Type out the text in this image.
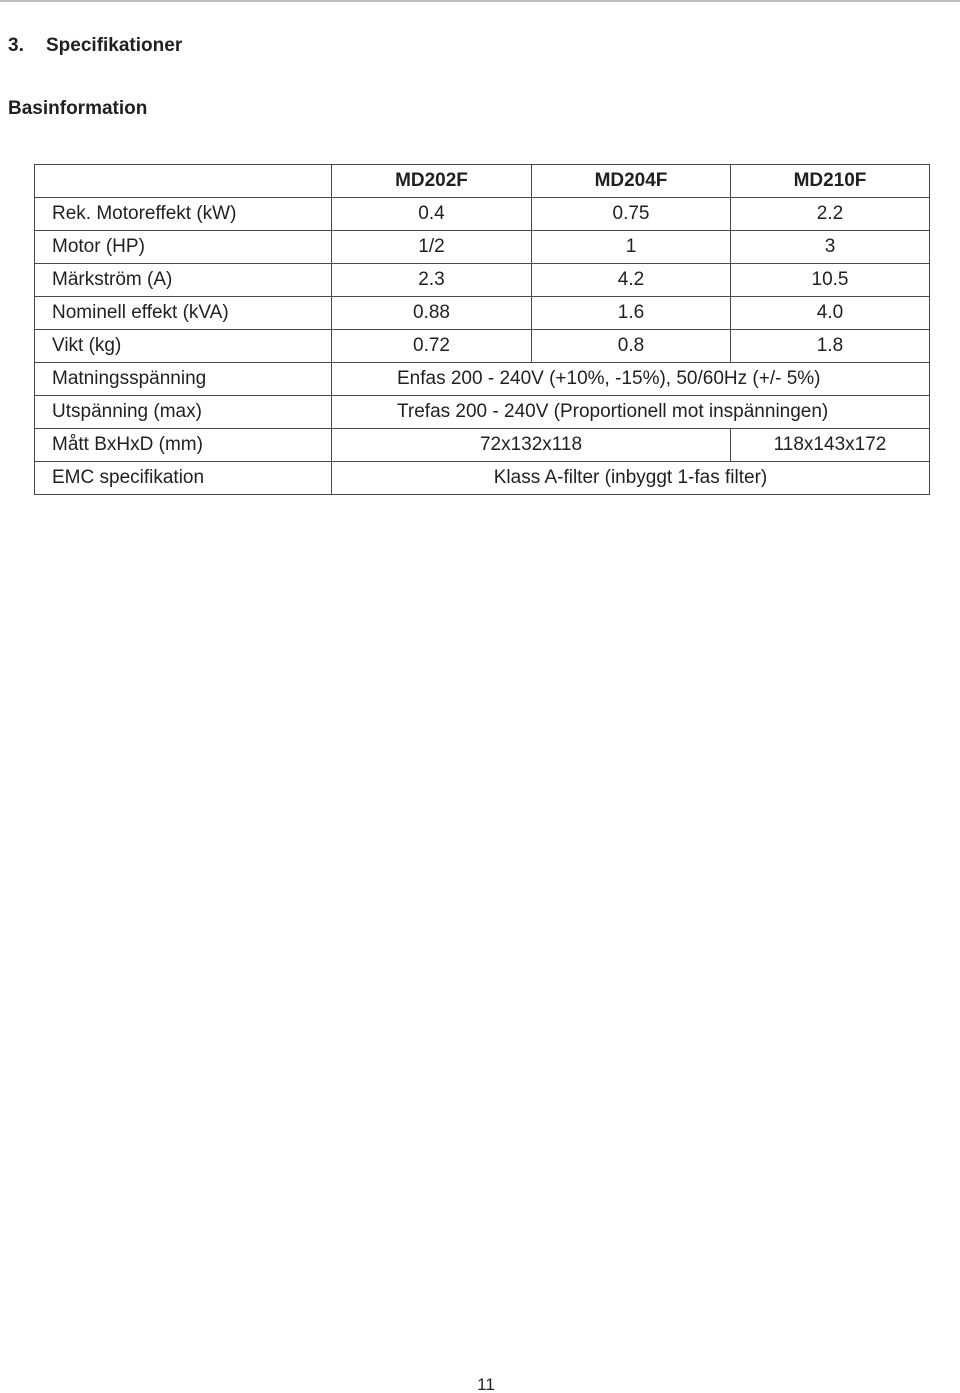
3. Specifikationer
Basinformation
	MD202F	MD204F	MD210F
Rek. Motoreffekt (kW)	0.4	0.75	2.2
Motor (HP)	1/2	1	3
Märkström (A)	2.3	4.2	10.5
Nominell effekt (kVA)	0.88	1.6	4.0
Vikt (kg)	0.72	0.8	1.8
Matningsspänning	Enfas 200 - 240V (+10%, -15%), 50/60Hz (+/- 5%)		
Utspänning (max)	Trefas 200 - 240V (Proportionell mot inspänningen)		
Mått BxHxD (mm)	72x132x118		118x143x172
EMC specifikation	Klass A-filter (inbyggt 1-fas filter)		
11
